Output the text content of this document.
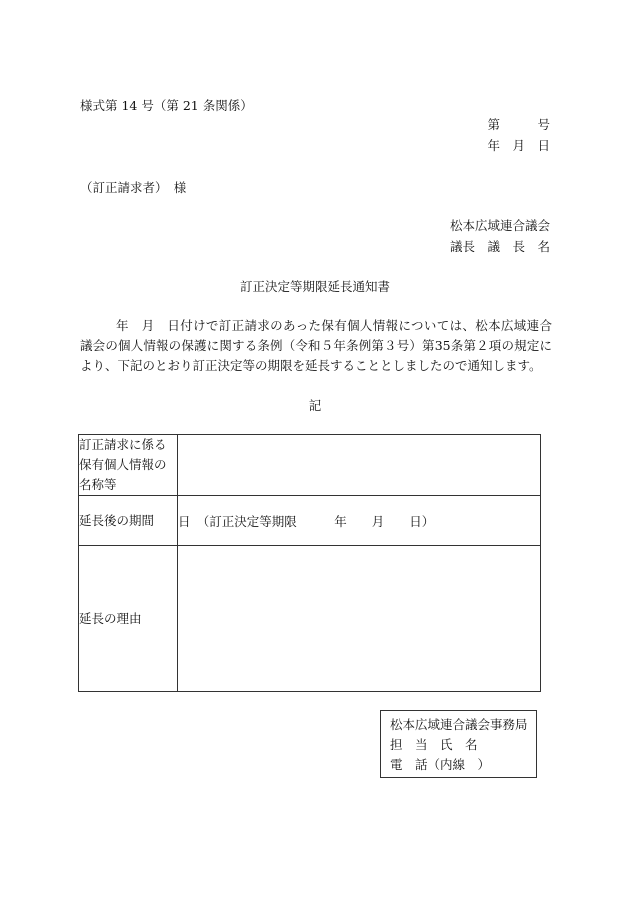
様式第 14 号（第 21 条関係）
第　　　号
年　月　日
（訂正請求者）　様
松本広域連合議会
議長　議　長　名
訂正決定等期限延長通知書
年　月　日付けで訂正請求のあった保有個人情報については、松本広域連合議会の個人情報の保護に関する条例（令和５年条例第３号）第35条第２項の規定により、下記のとおり訂正決定等の期限を延長することとしましたので通知します。
記
訂正請求に係る保有個人情報の名称等	
延長後の期間	日　（訂正決定等期限　　　年　　月　　日）
延長の理由	
松本広域連合議会事務局
担　当　氏　名
電　話（内線　）
